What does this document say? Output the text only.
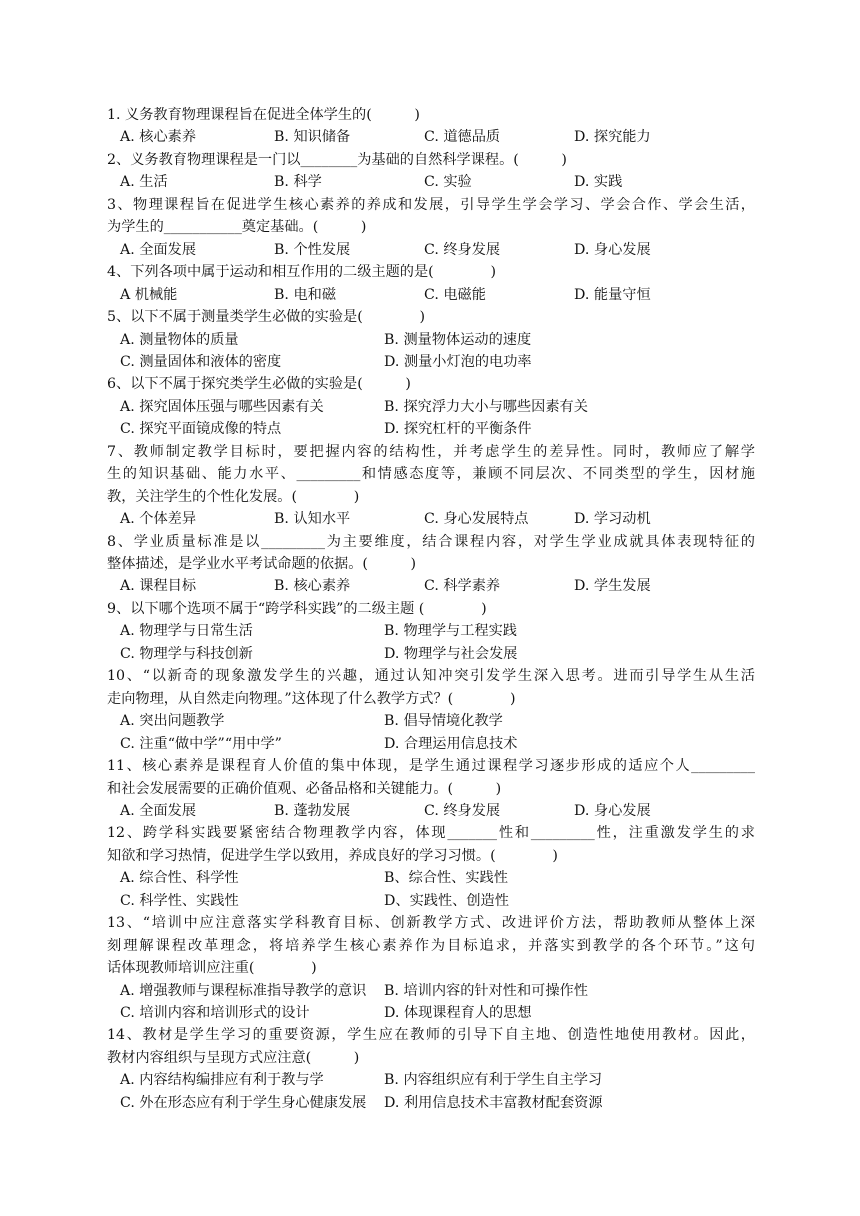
1. 义务教育物理课程旨在促进全体学生的(　　　)
A. 核心素养	B. 知识储备	C. 道德品质	D. 探究能力
2、义务教育物理课程是一门以________为基础的自然科学课程。(　　　)
A. 生活	B. 科学	C. 实验	D. 实践
3、物理课程旨在促进学生核心素养的养成和发展，引导学生学会学习、学会合作、学会生活，
为学生的___________奠定基础。(　　　)
A. 全面发展	B. 个性发展	C. 终身发展	D. 身心发展
4、下列各项中属于运动和相互作用的二级主题的是(　　　　)
A 机械能	B. 电和磁	C. 电磁能	D. 能量守恒
5、以下不属于测量类学生必做的实验是(　　　　)
A. 测量物体的质量	B. 测量物体运动的速度
C. 测量固体和液体的密度	D. 测量小灯泡的电功率
6、以下不属于探究类学生必做的实验是(　　　)
A. 探究固体压强与哪些因素有关	B. 探究浮力大小与哪些因素有关
C. 探究平面镜成像的特点	D. 探究杠杆的平衡条件
7、教师制定教学目标时，要把握内容的结构性，并考虑学生的差异性。同时，教师应了解学
生的知识基础、能力水平、_________和情感态度等，兼顾不同层次、不同类型的学生，因材施
教，关注学生的个性化发展。(　　　　)
A. 个体差异	B. 认知水平	C. 身心发展特点	D. 学习动机
8、学业质量标准是以_________为主要维度，结合课程内容，对学生学业成就具体表现特征的
整体描述，是学业水平考试命题的依据。(　　　)
A. 课程目标	B. 核心素养	C. 科学素养	D. 学生发展
9、以下哪个选项不属于“跨学科实践”的二级主题 (　　　　)
A. 物理学与日常生活	B. 物理学与工程实践
C. 物理学与科技创新	D. 物理学与社会发展
10、“以新奇的现象激发学生的兴趣，通过认知冲突引发学生深入思考。进而引导学生从生活
走向物理，从自然走向物理。”这体现了什么教学方式？(　　　　)
A. 突出问题教学	B. 倡导情境化教学
C. 注重“做中学”“用中学”	D. 合理运用信息技术
11、核心素养是课程育人价值的集中体现，是学生通过课程学习逐步形成的适应个人_________
和社会发展需要的正确价值观、必备品格和关键能力。(　　　)
A. 全面发展	B. 蓬勃发展	C. 终身发展	D. 身心发展
12、跨学科实践要紧密结合物理教学内容，体现_______性和_________性，注重激发学生的求
知欲和学习热情，促进学生学以致用，养成良好的学习习惯。(　　　　)
A. 综合性、科学性	B、综合性、实践性
C. 科学性、实践性	D、实践性、创造性
13、“培训中应注意落实学科教育目标、创新教学方式、改进评价方法，帮助教师从整体上深
刻理解课程改革理念，将培养学生核心素养作为目标追求，并落实到教学的各个环节。”这句
话体现教师培训应注重(　　　　)
A. 增强教师与课程标准指导教学的意识 B. 培训内容的针对性和可操作性
C. 培训内容和培训形式的设计	D. 体现课程育人的思想
14、教材是学生学习的重要资源，学生应在教师的引导下自主地、创造性地使用教材。因此，
教材内容组织与呈现方式应注意(　　　)
A. 内容结构编排应有利于教与学	B. 内容组织应有利于学生自主学习
C. 外在形态应有利于学生身心健康发展 D. 利用信息技术丰富教材配套资源
